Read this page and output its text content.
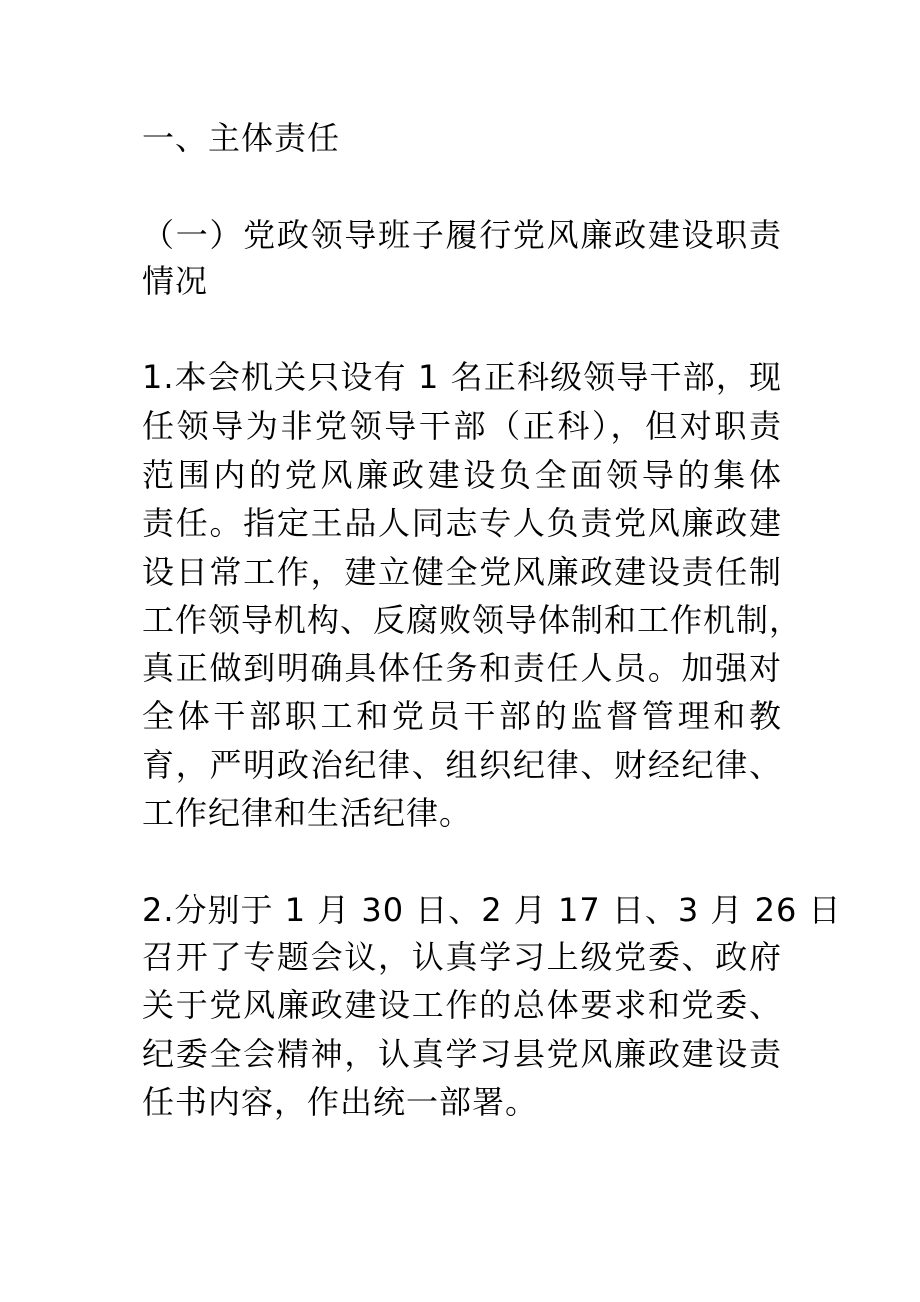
一、主体责任
（一）党政领导班子履行党风廉政建设职责
情况
1.本会机关只设有 1 名正科级领导干部，现
任领导为非党领导干部（正科），但对职责
范围内的党风廉政建设负全面领导的集体
责任。指定王品人同志专人负责党风廉政建
设日常工作，建立健全党风廉政建设责任制
工作领导机构、反腐败领导体制和工作机制，
真正做到明确具体任务和责任人员。加强对
全体干部职工和党员干部的监督管理和教
育，严明政治纪律、组织纪律、财经纪律、
工作纪律和生活纪律。
2.分别于 1 月 30 日、2 月 17 日、3 月 26 日
召开了专题会议，认真学习上级党委、政府
关于党风廉政建设工作的总体要求和党委、
纪委全会精神，认真学习县党风廉政建设责
任书内容，作出统一部署。
